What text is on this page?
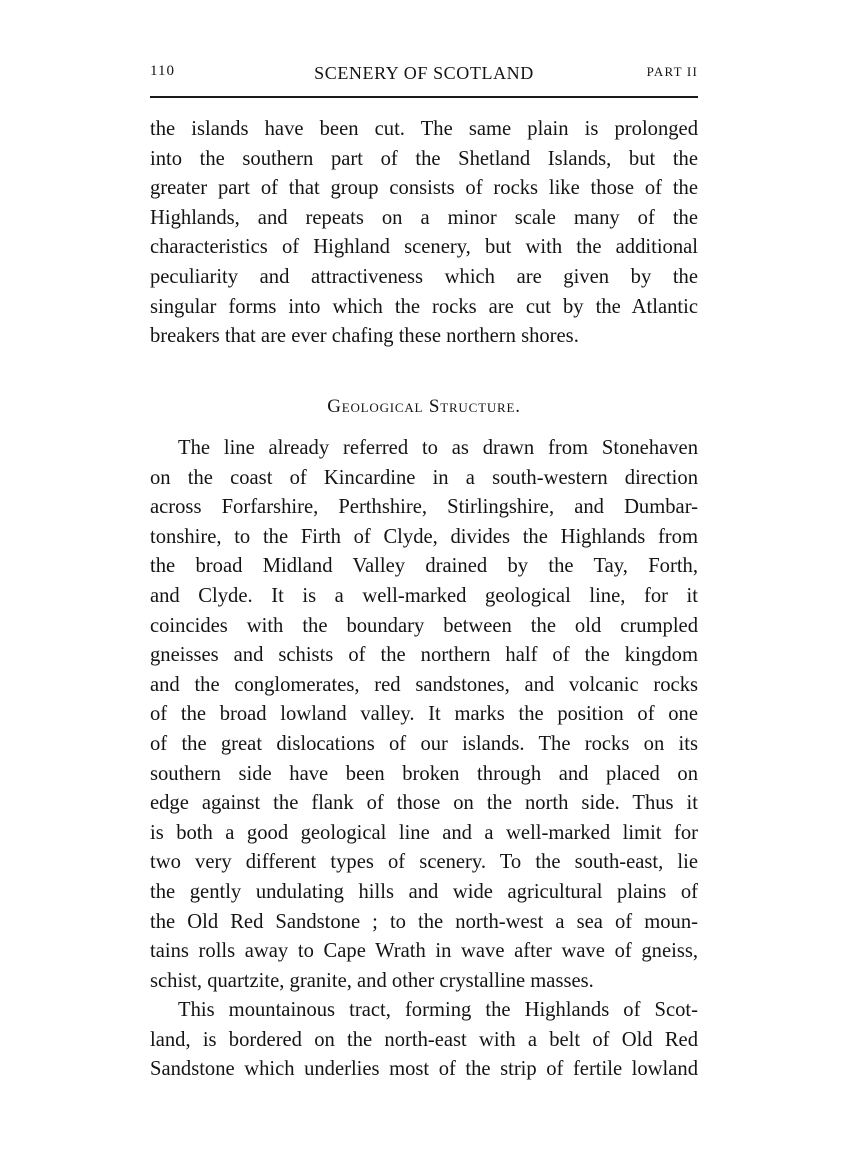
110	SCENERY OF SCOTLAND	PART II
the islands have been cut. The same plain is prolonged
into the southern part of the Shetland Islands, but the
greater part of that group consists of rocks like those of the
Highlands, and repeats on a minor scale many of the
characteristics of Highland scenery, but with the additional
peculiarity and attractiveness which are given by the
singular forms into which the rocks are cut by the Atlantic
breakers that are ever chafing these northern shores.
Geological Structure.
The line already referred to as drawn from Stonehaven
on the coast of Kincardine in a south-western direction
across Forfarshire, Perthshire, Stirlingshire, and Dumbar-
tonshire, to the Firth of Clyde, divides the Highlands from
the broad Midland Valley drained by the Tay, Forth,
and Clyde. It is a well-marked geological line, for it
coincides with the boundary between the old crumpled
gneisses and schists of the northern half of the kingdom
and the conglomerates, red sandstones, and volcanic rocks
of the broad lowland valley. It marks the position of one
of the great dislocations of our islands. The rocks on its
southern side have been broken through and placed on
edge against the flank of those on the north side. Thus it
is both a good geological line and a well-marked limit for
two very different types of scenery. To the south-east, lie
the gently undulating hills and wide agricultural plains of
the Old Red Sandstone ; to the north-west a sea of moun-
tains rolls away to Cape Wrath in wave after wave of gneiss,
schist, quartzite, granite, and other crystalline masses.
This mountainous tract, forming the Highlands of Scot-
land, is bordered on the north-east with a belt of Old Red
Sandstone which underlies most of the strip of fertile lowland
